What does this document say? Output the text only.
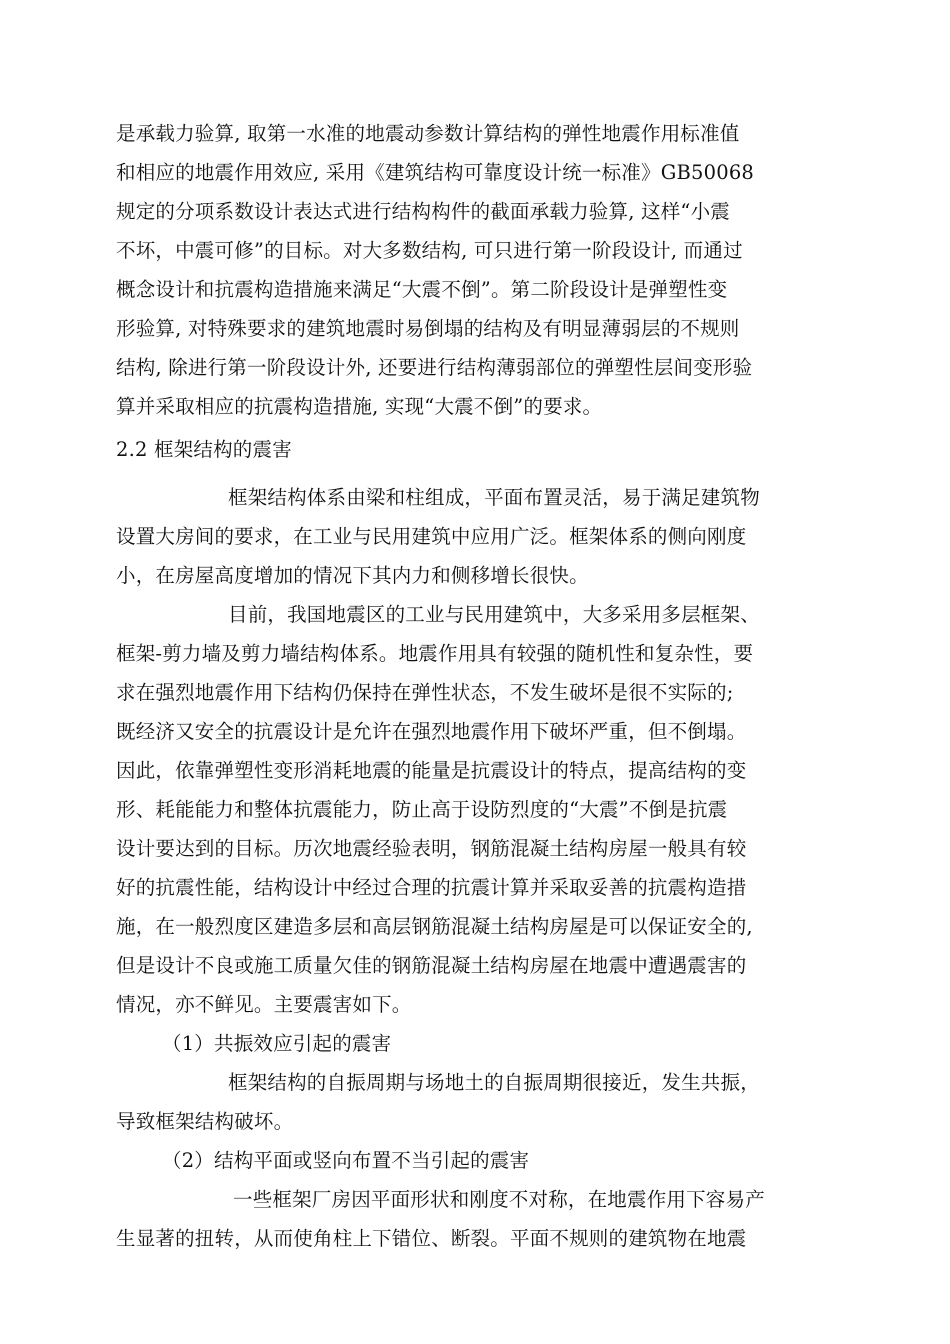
是承载力验算, 取第一水准的地震动参数计算结构的弹性地震作用标准值
和相应的地震作用效应, 采用《建筑结构可靠度设计统一标准》GB50068
规定的分项系数设计表达式进行结构构件的截面承载力验算, 这样“小震
不坏，中震可修”的目标。对大多数结构, 可只进行第一阶段设计, 而通过
概念设计和抗震构造措施来满足“大震不倒”。第二阶段设计是弹塑性变
形验算, 对特殊要求的建筑地震时易倒塌的结构及有明显薄弱层的不规则
结构, 除进行第一阶段设计外, 还要进行结构薄弱部位的弹塑性层间变形验
算并采取相应的抗震构造措施, 实现“大震不倒”的要求。
2.2 框架结构的震害
框架结构体系由梁和柱组成，平面布置灵活，易于满足建筑物
设置大房间的要求，在工业与民用建筑中应用广泛。框架体系的侧向刚度
小，在房屋高度增加的情况下其内力和侧移增长很快。
目前，我国地震区的工业与民用建筑中，大多采用多层框架、
框架-剪力墙及剪力墙结构体系。地震作用具有较强的随机性和复杂性，要
求在强烈地震作用下结构仍保持在弹性状态，不发生破坏是很不实际的;
既经济又安全的抗震设计是允许在强烈地震作用下破坏严重，但不倒塌。
因此，依靠弹塑性变形消耗地震的能量是抗震设计的特点，提高结构的变
形、耗能能力和整体抗震能力，防止高于设防烈度的“大震”不倒是抗震
设计要达到的目标。历次地震经验表明，钢筋混凝土结构房屋一般具有较
好的抗震性能，结构设计中经过合理的抗震计算并采取妥善的抗震构造措
施，在一般烈度区建造多层和高层钢筋混凝土结构房屋是可以保证安全的,
但是设计不良或施工质量欠佳的钢筋混凝土结构房屋在地震中遭遇震害的
情况，亦不鲜见。主要震害如下。
（1）共振效应引起的震害
框架结构的自振周期与场地土的自振周期很接近，发生共振，
导致框架结构破坏。
（2）结构平面或竖向布置不当引起的震害
一些框架厂房因平面形状和刚度不对称，在地震作用下容易产
生显著的扭转，从而使角柱上下错位、断裂。平面不规则的建筑物在地震
